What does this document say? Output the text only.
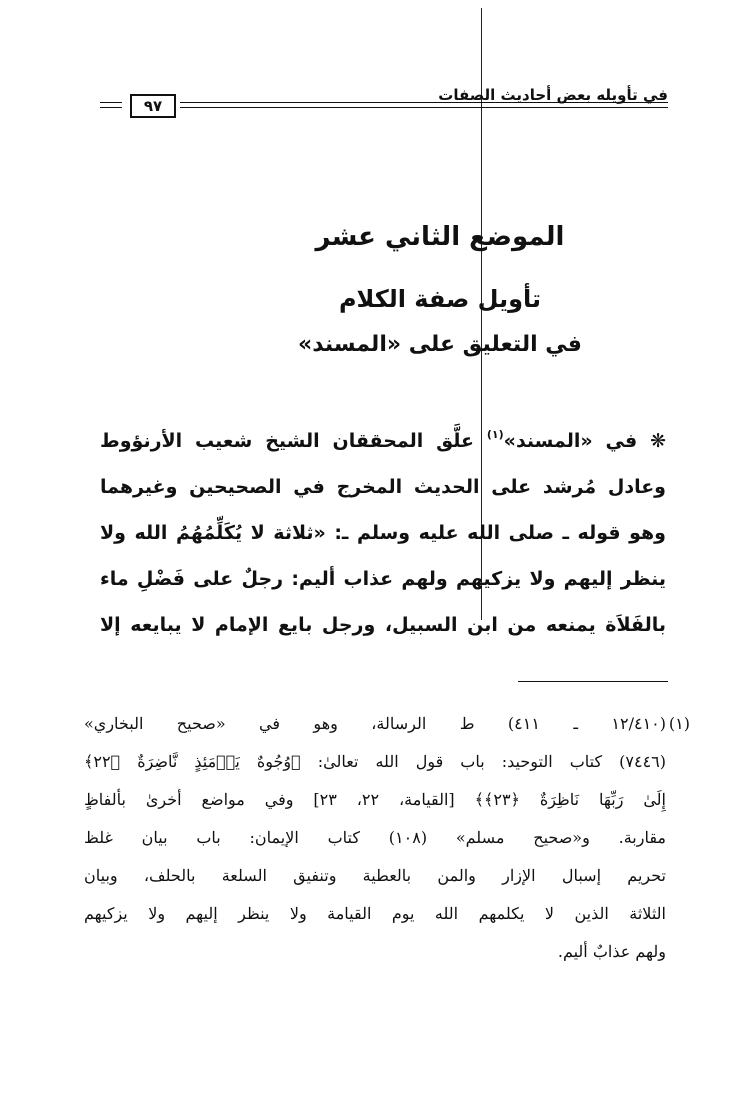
في تأويله بعض أحاديث الصفات
٩٧
الموضع الثاني عشر
تأويل صفة الكلام
في التعليق على «المسند»
❋ في «المسند»$^{(١)}$ علَّق المحققان الشيخ شعيب الأرنؤوط
وعادل مُرشد على الحديث المخرج في الصحيحين وغيرهما
وهو قوله ـ صلى الله عليه وسلم ـ: «ثلاثة لا يُكَلِّمُهُمُ الله ولا
ينظر إليهم ولا يزكيهم ولهم عذاب أليم: رجلٌ على فَضْلِ ماء
بالفَلاَة يمنعه من ابن السبيل، ورجل بايع الإمام لا يبايعه إلا
(١)
(١٢/٤١٠ ـ ٤١١) ط الرسالة، وهو في «صحيح البخاري»
(٧٤٤٦) كتاب التوحيد: باب قول الله تعالىٰ: ﴿وُجُوهٌ يَوۡمَئِذٍ نَّاضِرَةٌ ﴿٢٢﴾
إِلَىٰ رَبِّهَا نَاظِرَةٌ ﴿٢٣﴾﴾ [القيامة، ٢٢، ٢٣] وفي مواضع أخرىٰ بألفاظٍ
مقاربة. و«صحيح مسلم» (١٠٨) كتاب الإيمان: باب بيان غلظ
تحريم إسبال الإزار والمن بالعطية وتنفيق السلعة بالحلف، وبيان
الثلاثة الذين لا يكلمهم الله يوم القيامة ولا ينظر إليهم ولا يزكيهم
ولهم عذابٌ أليم.
